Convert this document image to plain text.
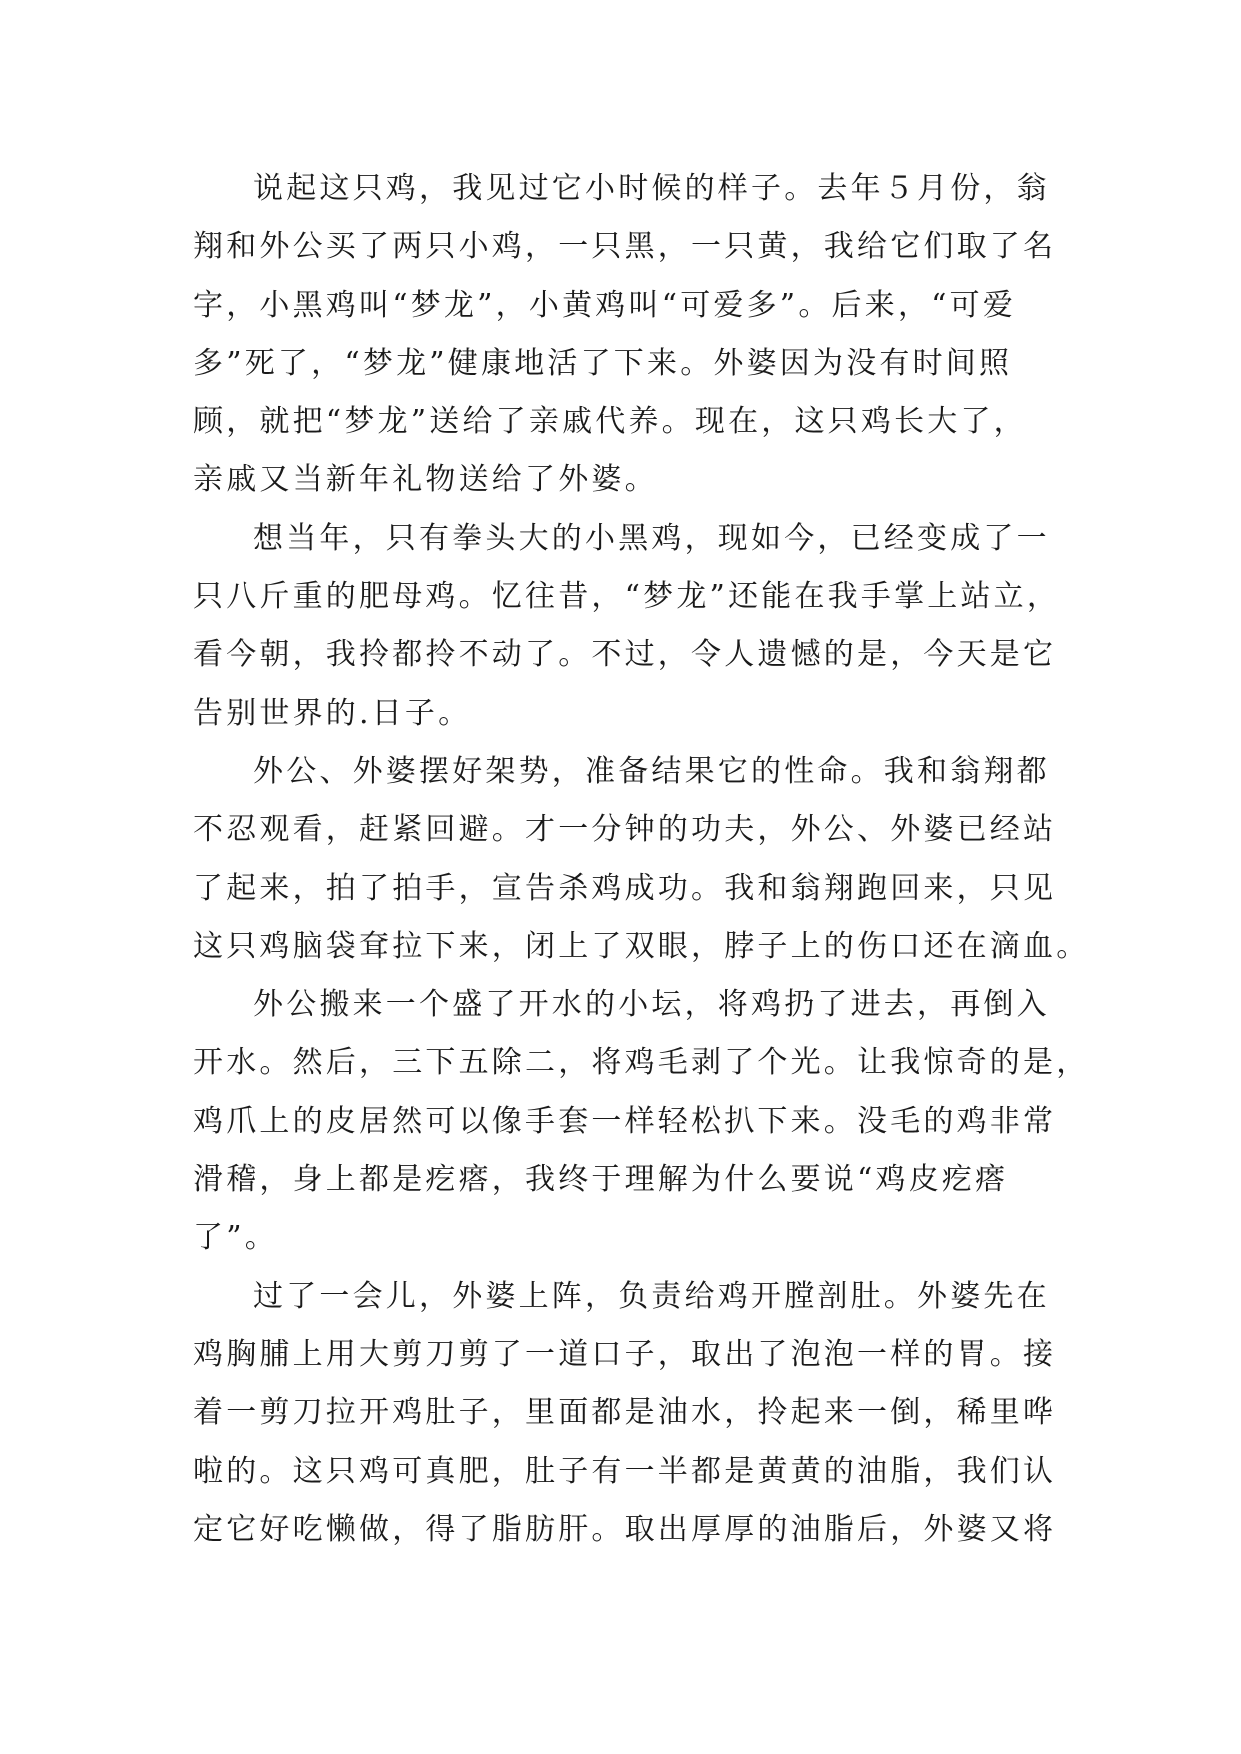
说起这只鸡，我见过它小时候的样子。去年５月份，翁
翔和外公买了两只小鸡，一只黑，一只黄，我给它们取了名
字，小黑鸡叫“梦龙”，小黄鸡叫“可爱多”。后来，“可爱
多”死了，“梦龙”健康地活了下来。外婆因为没有时间照
顾，就把“梦龙”送给了亲戚代养。现在，这只鸡长大了，
亲戚又当新年礼物送给了外婆。
想当年，只有拳头大的小黑鸡，现如今，已经变成了一
只八斤重的肥母鸡。忆往昔，“梦龙”还能在我手掌上站立，
看今朝，我拎都拎不动了。不过，令人遗憾的是，今天是它
告别世界的.日子。
外公、外婆摆好架势，准备结果它的性命。我和翁翔都
不忍观看，赶紧回避。才一分钟的功夫，外公、外婆已经站
了起来，拍了拍手，宣告杀鸡成功。我和翁翔跑回来，只见
这只鸡脑袋耷拉下来，闭上了双眼，脖子上的伤口还在滴血。
外公搬来一个盛了开水的小坛，将鸡扔了进去，再倒入
开水。然后，三下五除二，将鸡毛剥了个光。让我惊奇的是，
鸡爪上的皮居然可以像手套一样轻松扒下来。没毛的鸡非常
滑稽，身上都是疙瘩，我终于理解为什么要说“鸡皮疙瘩
了”。
过了一会儿，外婆上阵，负责给鸡开膛剖肚。外婆先在
鸡胸脯上用大剪刀剪了一道口子，取出了泡泡一样的胃。接
着一剪刀拉开鸡肚子，里面都是油水，拎起来一倒，稀里哗
啦的。这只鸡可真肥，肚子有一半都是黄黄的油脂，我们认
定它好吃懒做，得了脂肪肝。取出厚厚的油脂后，外婆又将
